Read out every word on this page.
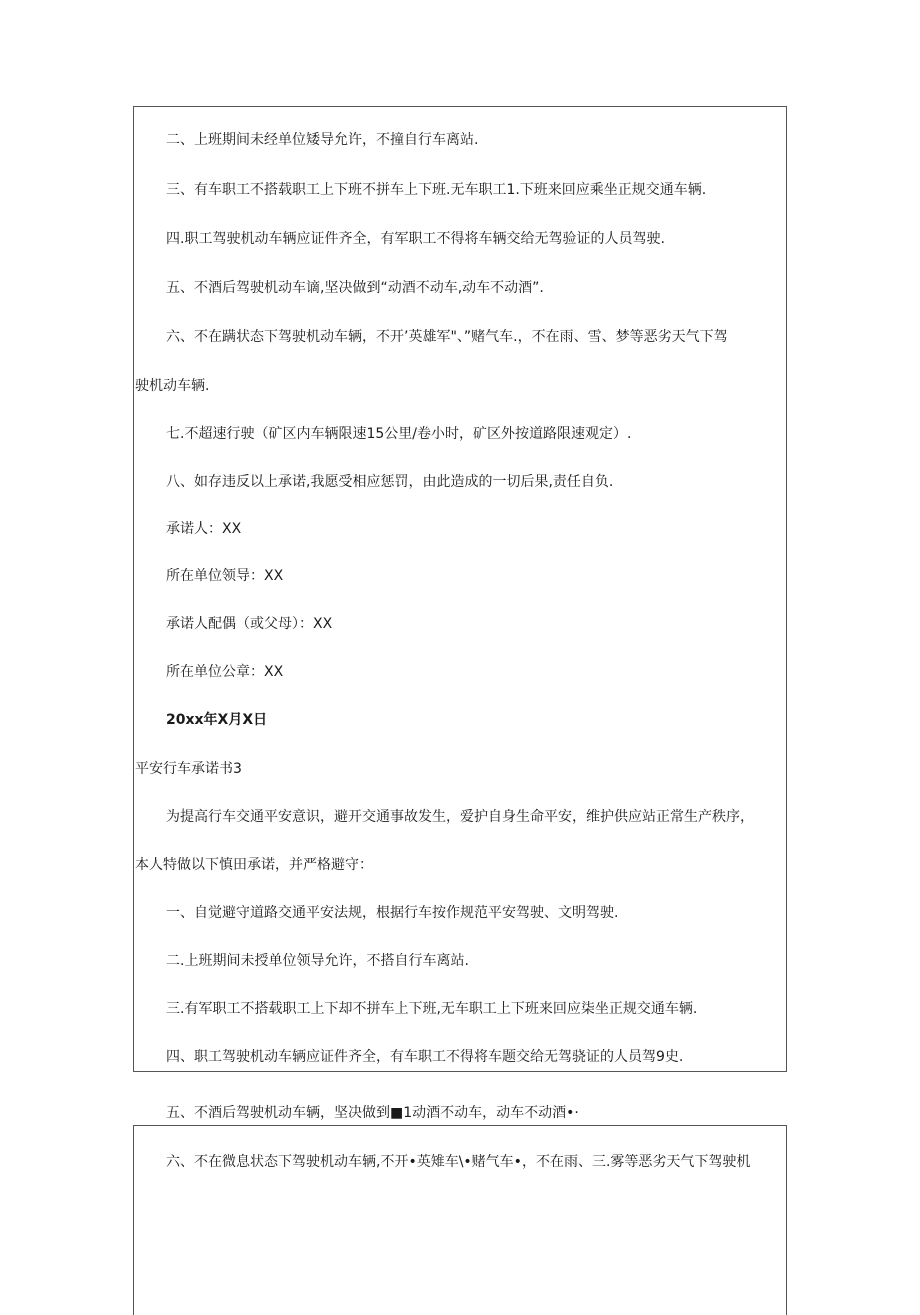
二、上班期间未经单位矮导允许，不撞自行车离站.
三、有车职工不搭载职工上下班不拼车上下班.无车职工1.下班来回应乘坐正规交通车辆.
四.职工驾驶机动车辆应证件齐全，有军职工不得将车辆交给无驾验证的人员驾驶.
五、不酒后驾驶机动车谪,坚决做到“动酒不动车,动车不动酒”.
六、不在蹒状态下驾驶机动车辆，不开’英雄军"、”赌气车.，不在雨、雪、梦等恶劣天气下驾
驶机动车辆.
七.不超速行驶（矿区内车辆限速15公里/卷小时，矿区外按道路限速观定）.
八、如存违反以上承诺,我愿受相应惩罚，由此造成的一切后果,责任自负.
承诺人：XX
所在单位领导：XX
承诺人配偶（或父母）：XX
所在单位公章：XX
20xx年X月X日
平安行车承诺书3
为提高行车交通平安意识，避开交通事故发生，爱护自身生命平安，维护供应站正常生产秩序，
本人特做以下慎田承诺，并严格避守：
一、自觉避守道路交通平安法规，根据行车按作规范平安驾驶、文明驾驶.
二.上班期间未授单位领导允许，不搭自行车离站.
三.有军职工不搭载职工上下却不拼车上下班,无车职工上下班来回应柒坐正规交通车辆.
四、职工驾驶机动车辆应证件齐全，有车职工不得将车题交给无驾骁证的人员驾9史.
五、不酒后驾驶机动车辆，坚决做到■1动酒不动车，动车不动酒•·
六、不在微息状态下驾驶机动车辆,不开•英雉车\•赌气车•，不在雨、三.雾等恶劣天气下驾驶机
